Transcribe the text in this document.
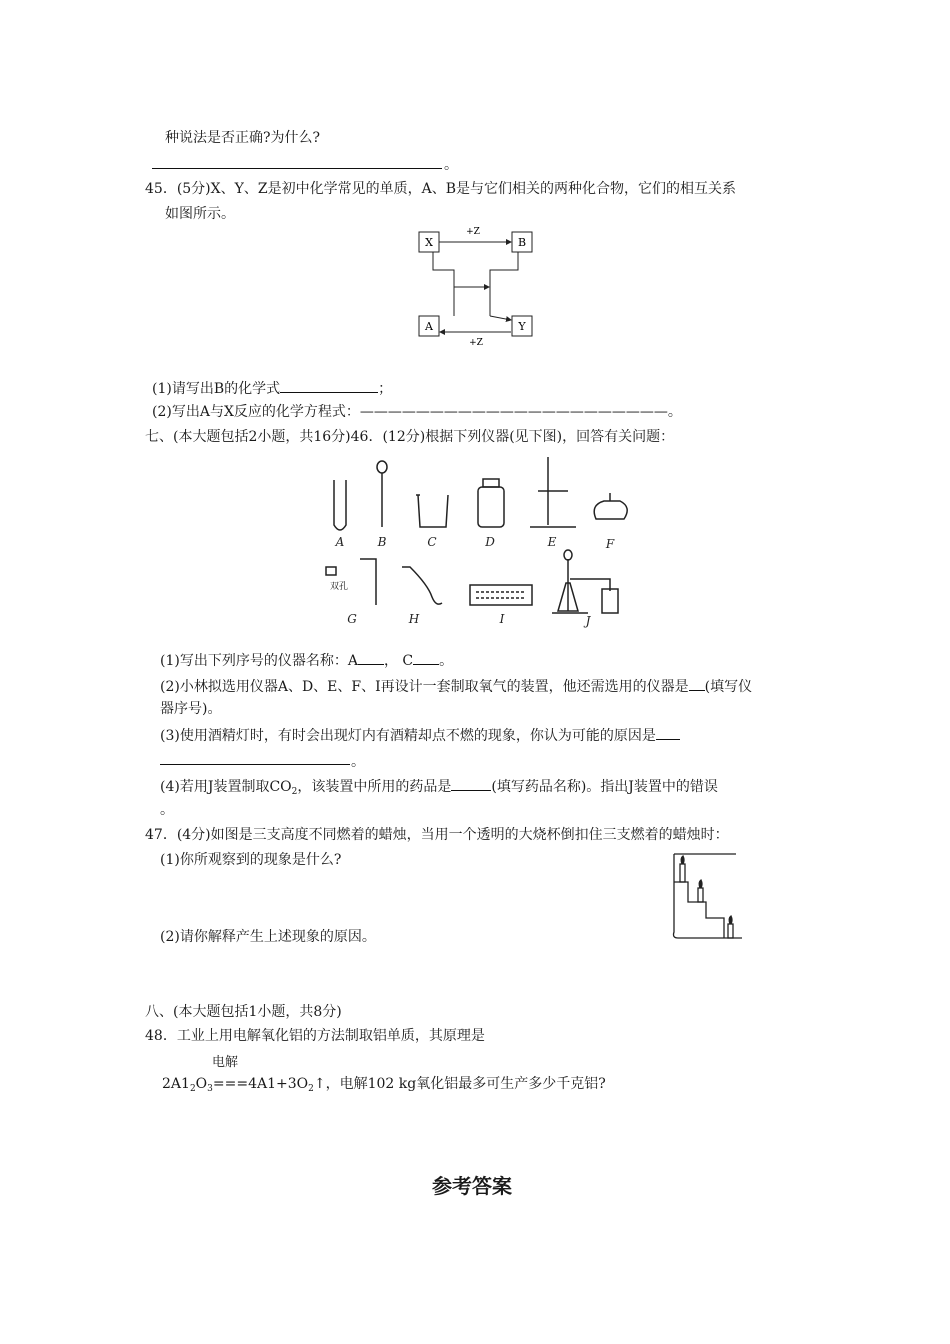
种说法是否正确?为什么?
。
45．(5分)X、Y、Z是初中化学常见的单质，A、B是与它们相关的两种化合物，它们的相互关系
如图所示。
X	B
A	Y
+Z
+Z
(1)请写出B的化学式	；
(2)写出A与X反应的化学方程式：——————————————————————。
七、(本大题包括2小题，共16分)46．(12分)根据下列仪器(见下图)，回答有关问题：
A	B	C	D	E	F
G	H	I	J
双孔
(1)写出下列序号的仪器名称：A ， C 。
(2)小林拟选用仪器A、D、E、F、I再设计一套制取氧气的装置，他还需选用的仪器是 (填写仪
器序号)。
(3)使用酒精灯时，有时会出现灯内有酒精却点不燃的现象，你认为可能的原因是
。
(4)若用J装置制取$CO_2$，该装置中所用的药品是	(填写药品名称)。指出J装置中的错误
。
47．(4分)如图是三支高度不同燃着的蜡烛，当用一个透明的大烧杯倒扣住三支燃着的蜡烛时：
(1)你所观察到的现象是什么?
(2)请你解释产生上述现象的原因。
八、(本大题包括1小题，共8分)
48．工业上用电解氧化铝的方法制取铝单质，其原理是
电解
$2A1_2O_3===4A1+3O_2↑$，电解102 kg氧化铝最多可生产多少千克铝?
参考答案
